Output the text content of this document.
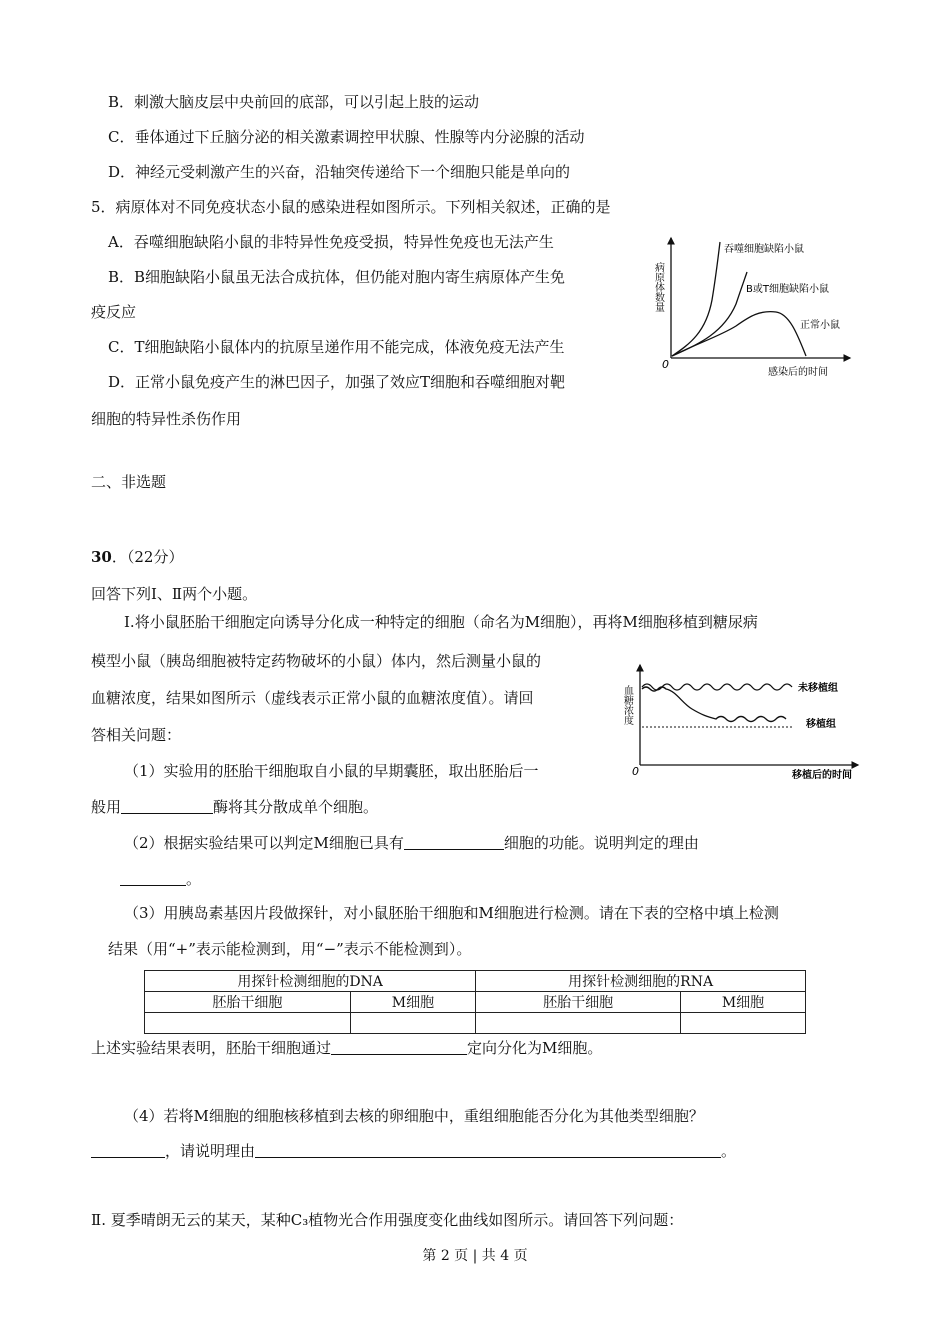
B．刺激大脑皮层中央前回的底部，可以引起上肢的运动
C．垂体通过下丘脑分泌的相关激素调控甲状腺、性腺等内分泌腺的活动
D．神经元受刺激产生的兴奋，沿轴突传递给下一个细胞只能是单向的
5．病原体对不同免疫状态小鼠的感染进程如图所示。下列相关叙述，正确的是
A．吞噬细胞缺陷小鼠的非特异性免疫受损，特异性免疫也无法产生
B．B细胞缺陷小鼠虽无法合成抗体，但仍能对胞内寄生病原体产生免
疫反应
C．T细胞缺陷小鼠体内的抗原呈递作用不能完成，体液免疫无法产生
D．正常小鼠免疫产生的淋巴因子，加强了效应T细胞和吞噬细胞对靶
细胞的特异性杀伤作用
病原体数量
0
感染后的时间
吞噬细胞缺陷小鼠
B或T细胞缺陷小鼠
正常小鼠
二、非选题
30．（22分）
回答下列Ⅰ、Ⅱ两个小题。
I.将小鼠胚胎干细胞定向诱导分化成一种特定的细胞（命名为M细胞），再将M细胞移植到糖尿病
模型小鼠（胰岛细胞被特定药物破坏的小鼠）体内，然后测量小鼠的
血糖浓度，结果如图所示（虚线表示正常小鼠的血糖浓度值）。请回
答相关问题：
血糖浓度
0	移植后的时间
未移植组
移植组
（1）实验用的胚胎干细胞取自小鼠的早期囊胚，取出胚胎后一
般用	酶将其分散成单个细胞。
（2）根据实验结果可以判定M细胞已具有	细胞的功能。说明判定的理由
。
（3）用胰岛素基因片段做探针，对小鼠胚胎干细胞和M细胞进行检测。请在下表的空格中填上检测
结果（用“+”表示能检测到，用“−”表示不能检测到）。
用探针检测细胞的DNA		用探针检测细胞的RNA	
胚胎干细胞	M细胞	胚胎干细胞	M细胞

上述实验结果表明，胚胎干细胞通过	定向分化为M细胞。
（4）若将M细胞的细胞核移植到去核的卵细胞中，重组细胞能否分化为其他类型细胞？
，请说明理由	。
Ⅱ. 夏季晴朗无云的某天，某种C₃植物光合作用强度变化曲线如图所示。请回答下列问题：
第 2 页 | 共 4 页
